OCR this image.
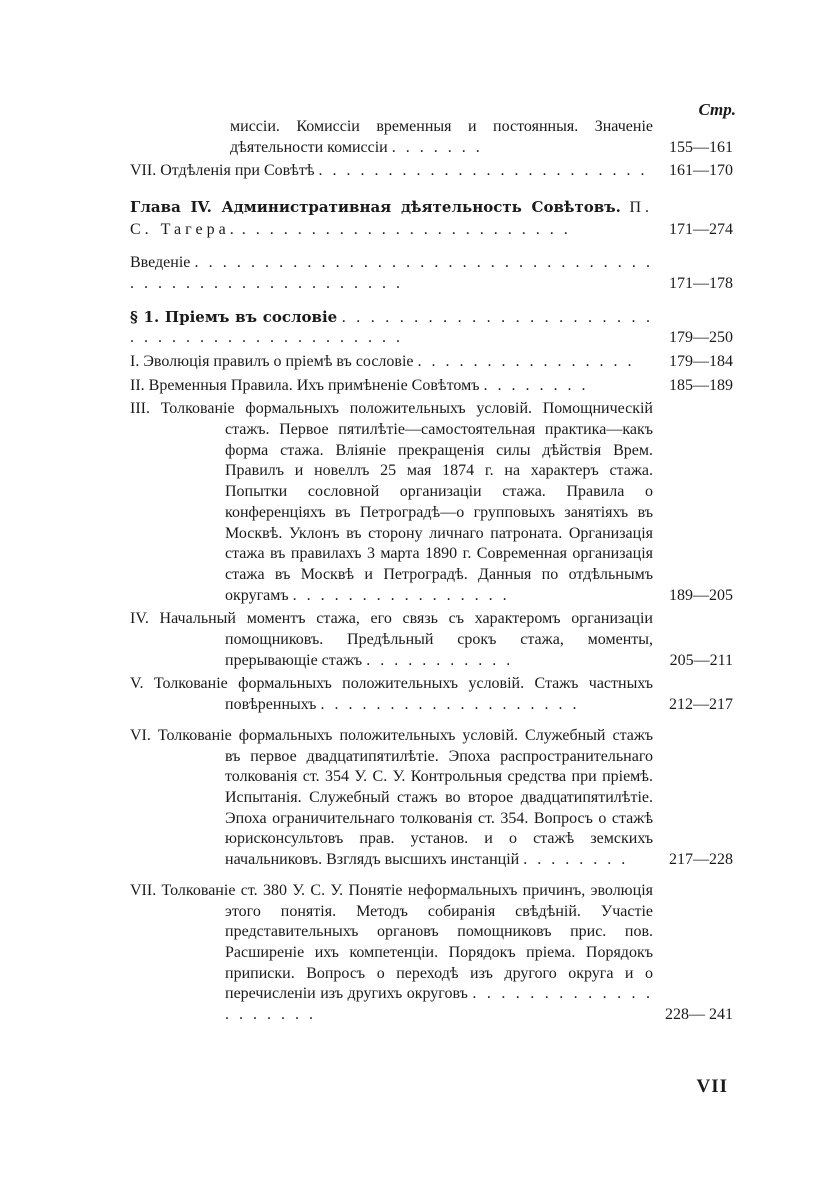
Стр.
миссіи. Комиссіи временныя и постоянныя. Значеніе дѣятельности комиссіи . . . . . . .	155—161
VII. Отдѣленія при Совѣтѣ . . . . . . . . . . . . . . . . . . . . . . . .	161—170
Глава IV. Административная дѣятельность Совѣтовъ. П. С. Тагера. . . . . . . . . . . . . . . . . . . . . . . . .	171—274
Введеніе . . . . . . . . . . . . . . . . . . . . . . . . . . . . . . . . . . . . . . . . . . . . . . . . . . . . .	171—178
§ 1. Пріемъ въ сословіе . . . . . . . . . . . . . . . . . . . . . . . . . . . . . . . . . . . . . . . . . .	179—250
I. Эволюція правилъ о пріемѣ въ сословіе . . . . . . . . . . . . . . . .	179—184
II. Временныя Правила. Ихъ примѣненіе Совѣтомъ . . . . . . . .	185—189
III. Толкованіе формальныхъ положительныхъ условій. Помощническій стажъ. Первое пятилѣтіе—самостоятельная практика—какъ форма стажа. Вліяніе прекращенія силы дѣйствія Врем. Правилъ и новеллъ 25 мая 1874 г. на характеръ стажа. Попытки сословной организаціи стажа. Правила о конференціяхъ въ Петроградѣ—о групповыхъ занятіяхъ въ Москвѣ. Уклонъ въ сторону личнаго патроната. Организація стажа въ правилахъ 3 марта 1890 г. Современная организація стажа въ Москвѣ и Петроградѣ. Данныя по отдѣльнымъ округамъ . . . . . . . . . . . . . . . .	189—205
IV. Начальный моментъ стажа, его связь съ характеромъ организаціи помощниковъ. Предѣльный срокъ стажа, моменты, прерывающіе стажъ . . . . . . . . . . .	205—211
V. Толкованіе формальныхъ положительныхъ условій. Стажъ частныхъ повѣренныхъ . . . . . . . . . . . . . . . . . . .	212—217
VI. Толкованіе формальныхъ положительныхъ условій. Служебный стажъ въ первое двадцатипятилѣтіе. Эпоха распространительнаго толкованія ст. 354 У. С. У. Контрольныя средства при пріемѣ. Испытанія. Служебный стажъ во второе двадцатипятилѣтіе. Эпоха ограничительнаго толкованія ст. 354. Вопросъ о стажѣ юрисконсультовъ прав. установ. и о стажѣ земскихъ начальниковъ. Взглядъ высшихъ инстанцій . . . . . . . .	217—228
VII. Толкованіе ст. 380 У. С. У. Понятіе неформальныхъ причинъ, эволюція этого понятія. Методъ собиранія свѣдѣній. Участіе представительныхъ органовъ помощниковъ прис. пов. Расширеніе ихъ компетенціи. Порядокъ пріема. Порядокъ приписки. Вопросъ о переходѣ изъ другого округа и о перечисленіи изъ другихъ округовъ . . . . . . . . . . . . . . . . . . . .	228— 241
VII
